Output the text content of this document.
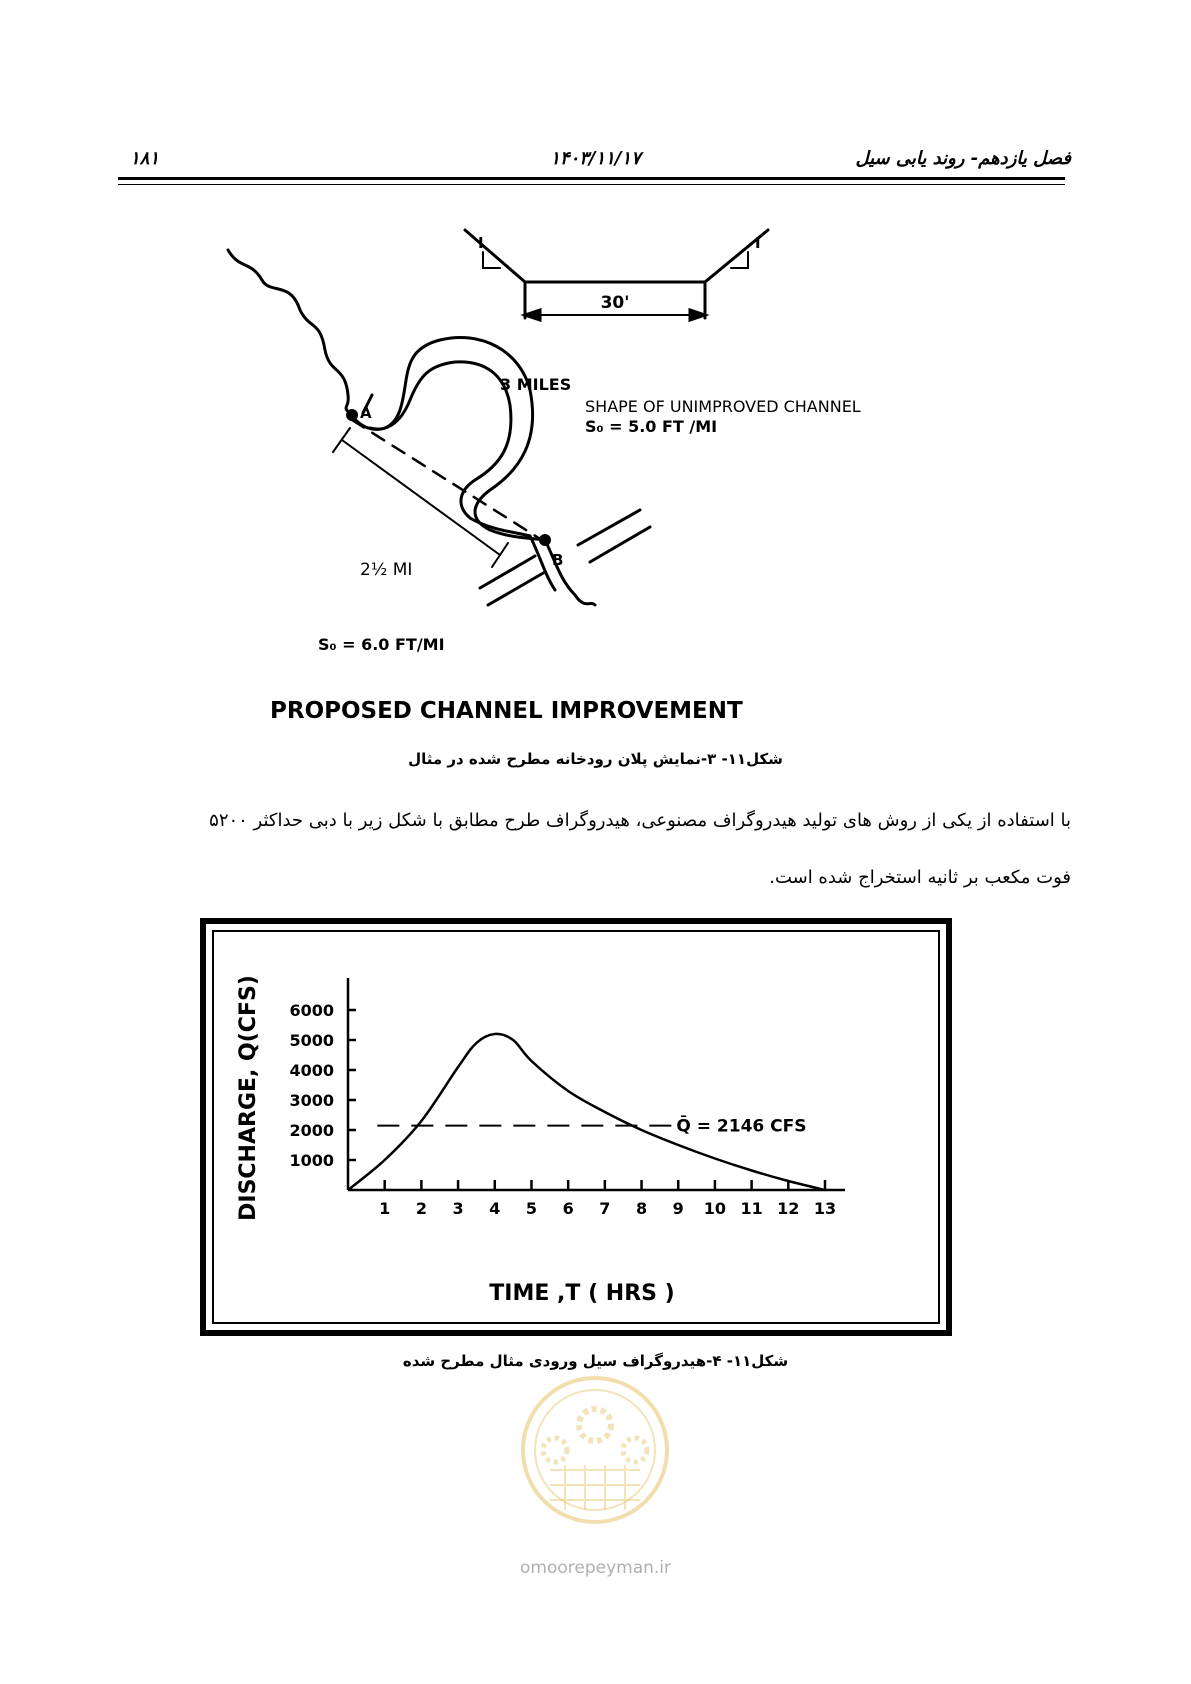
فصل یازدهم- روند یابی سیل
۱۴۰۳/۱۱/۱۷
۱۸۱
I	I
30'
A
B
3 MILES
SHAPE OF UNIMPROVED CHANNEL
S₀ = 5.0 FT /MI
2½ MI
S₀ = 6.0 FT/MI
PROPOSED CHANNEL IMPROVEMENT
شکل۱۱- ۳-نمایش پلان رودخانه مطرح شده در مثال
با استفاده از یکی از روش های تولید هیدروگراف مصنوعی، هیدروگراف طرح مطابق با شکل زیر با دبی حداکثر ۵۲۰۰
فوت مکعب بر ثانیه استخراج شده است.
1 2 3 4 5 6 7 8 9 10 11 12 13
1000
2000
3000
4000
5000
6000
Q̄ = 2146 CFS
TIME ,T ( HRS )
DISCHARGE, Q(CFS)
شکل۱۱- ۴-هیدروگراف سیل ورودی مثال مطرح شده
omoorepeyman.ir
